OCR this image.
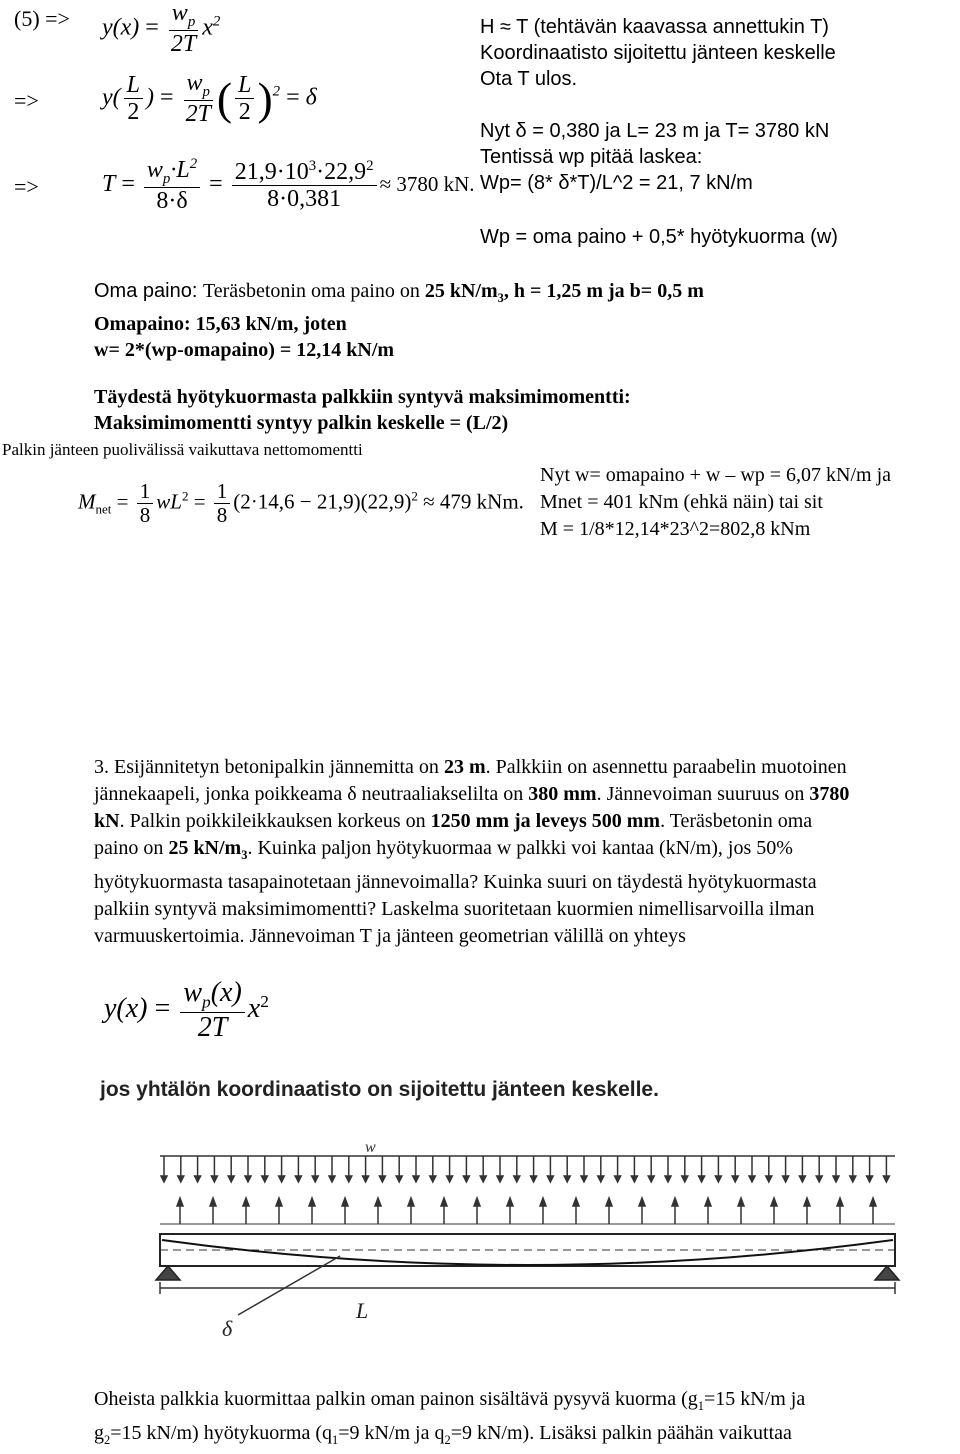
$(5) => y(x) = \frac{w_p}{2T} x^2$
=>	$y( \frac{L}{2}$ ) = $\frac{w_p}{2T}$ ( $\frac{L}{2} )^2 = \delta$
=>	$T = \frac{w_p\cdot L^2}{8\cdot\delta} = \frac{21,9\cdot 10^3\cdot 22,9^2}{8\cdot 0,381} \approx 3780$ kN.
H ≈ T (tehtävän kaavassa annettukin T)
Koordinaatisto sijoitettu jänteen keskelle
Ota T ulos.
Nyt δ = 0,380 ja L= 23 m ja T= 3780 kN
Tentissä wp pitää laskea:
Wp= (8* δ*T)/L^2 = 21, 7 kN/m
Wp = oma paino + 0,5* hyötykuorma (w)
Oma paino: Teräsbetonin oma paino on 25 $kN/m_3$, h = 1,25 m ja b= 0,5 m
Omapaino: 15,63 kN/m, joten
w= 2*(wp-omapaino) = 12,14 kN/m
Täydestä hyötykuormasta palkkiin syntyvä maksimimomentti:
Maksimimomentti syntyy palkin keskelle = (L/2)
Palkin jänteen puolivälissä vaikuttava nettomomentti
$M_{net} = \frac{1}{8} wL^2 = \frac{1}{8} (2\cdot 14,6 - 21,9)(22,9)^2 \approx 479$ kNm.
Nyt w= omapaino + w – wp = 6,07 kN/m ja
Mnet = 401 kNm (ehkä näin) tai sit
M = 1/8*12,14*23^2=802,8 kNm
3. Esijännitetyn betonipalkin jännemitta on 23 m. Palkkiin on asennettu paraabelin muotoinen
jännekaapeli, jonka poikkeama δ neutraaliakselilta on 380 mm. Jännevoiman suuruus on 3780
kN. Palkin poikkileikkauksen korkeus on 1250 mm ja leveys 500 mm. Teräsbetonin oma
paino on 25 $kN/m_3$. Kuinka paljon hyötykuormaa w palkki voi kantaa (kN/m), jos 50%
hyötykuormasta tasapainotetaan jännevoimalla? Kuinka suuri on täydestä hyötykuormasta
palkiin syntyvä maksimimomentti? Laskelma suoritetaan kuormien nimellisarvoilla ilman
varmuuskertoimia. Jännevoiman T ja jänteen geometrian välillä on yhteys
$y(x) = \frac{w_p(x)}{2T} x^2$
jos yhtälön koordinaatisto on sijoitettu jänteen keskelle.
w
L
δ
Oheista palkkia kuormittaa palkin oman painon sisältävä pysyvä kuorma ($g_1=15$ kN/m ja
$g_2=15$ kN/m) hyötykuorma ($q_1=9$ kN/m ja $q_2=9$ kN/m). Lisäksi palkin päähän vaikuttaa
